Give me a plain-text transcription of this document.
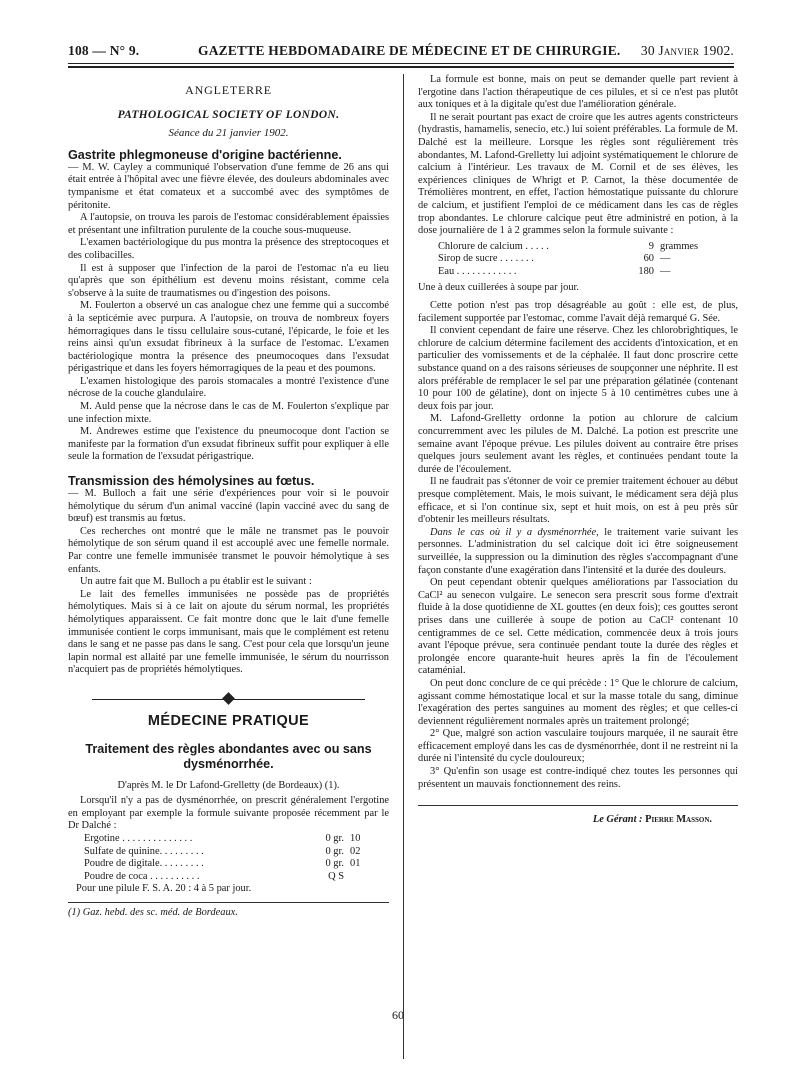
108 — N° 9.	GAZETTE HEBDOMADAIRE DE MÉDECINE ET DE CHIRURGIE. 30 Janvier 1902.
ANGLETERRE
PATHOLOGICAL SOCIETY OF LONDON.
Séance du 21 janvier 1902.
Gastrite phlegmoneuse d'origine bactérienne.

— M. W. Cayley a communiqué l'observation d'une femme de 26 ans qui était entrée à l'hôpital avec une fièvre élevée, des douleurs abdominales avec tympanisme et état comateux et a succombé avec des symptômes de péritonite.

A l'autopsie, on trouva les parois de l'estomac considérablement épaissies et présentant une infiltration purulente de la couche sous-muqueuse.

L'examen bactériologique du pus montra la présence des streptocoques et des colibacilles.

Il est à supposer que l'infection de la paroi de l'estomac n'a eu lieu qu'après que son épithélium est devenu moins résistant, comme cela s'observe à la suite de traumatismes ou d'ingestion des poisons.

M. Foulerton a observé un cas analogue chez une femme qui a succombé à la septicémie avec purpura. A l'autopsie, on trouva de nombreux foyers hémorragiques dans le tissu cellulaire sous-cutané, l'épicarde, le foie et les reins ainsi qu'un exsudat fibrineux à la surface de l'estomac. L'examen bactériologique montra la présence des pneumocoques dans l'exsudat périgastrique et dans les foyers hémorragiques de la peau et des poumons.

L'examen histologique des parois stomacales a montré l'existence d'une nécrose de la couche glandulaire.

M. Auld pense que la nécrose dans le cas de M. Foulerton s'explique par une infection mixte.

M. Andrewes estime que l'existence du pneumocoque dont l'action se manifeste par la formation d'un exsudat fibrineux suffit pour expliquer à elle seule la formation de l'exsudat périgastrique.

Transmission des hémolysines au fœtus.

— M. Bulloch a fait une série d'expériences pour voir si le pouvoir hémolytique du sérum d'un animal vacciné (lapin vacciné avec du sang de bœuf) est transmis au fœtus.

Ces recherches ont montré que le mâle ne transmet pas le pouvoir hémolytique de son sérum quand il est accouplé avec une femelle normale. Par contre une femelle immunisée transmet le pouvoir hémolytique à ses enfants.

Un autre fait que M. Bulloch a pu établir est le suivant :

Le lait des femelles immunisées ne possède pas de propriétés hémolytiques. Mais si à ce lait on ajoute du sérum normal, les propriétés hémolytiques apparaissent. Ce fait montre donc que le lait d'une femelle immunisée contient le corps immunisant, mais que le complément est retenu dans le sang et ne passe pas dans le sang. C'est pour cela que lorsqu'un jeune lapin normal est allaité par une femelle immunisée, le sérum du nourrisson n'acquiert pas de propriétés hémolytiques.

MÉDECINE PRATIQUE
Traitement des règles abondantes avec ou sans dysménorrhée.
D'après M. le Dr Lafond-Grelletty (de Bordeaux) (1).

Lorsqu'il n'y a pas de dysménorrhée, on prescrit généralement l'ergotine en employant par exemple la formule suivante proposée récemment par le Dr Dalché :

Ergotine . . . . . . . . . . . . . .	0 gr.	10
Sulfate de quinine. . . . . . . . .	0 gr.	02
Poudre de digitale. . . . . . . . .	0 gr.	01
Poudre de coca . . . . . . . . . .	Q S	

Pour une pilule F. S. A. 20 : 4 à 5 par jour.

(1) Gaz. hebd. des sc. méd. de Bordeaux.

La formule est bonne, mais on peut se demander quelle part revient à l'ergotine dans l'action thérapeutique de ces pilules, et si ce n'est pas plutôt aux toniques et à la digitale qu'est due l'amélioration générale.

Il ne serait pourtant pas exact de croire que les autres agents constricteurs (hydrastis, hamamelis, senecio, etc.) lui soient préférables. La formule de M. Dalché est la meilleure. Lorsque les règles sont régulièrement très abondantes, M. Lafond-Grelletty lui adjoint systématiquement le chlorure de calcium à l'intérieur. Les travaux de M. Cornil et de ses élèves, les expériences cliniques de Whrigt et P. Carnot, la thèse documentée de Trémolières montrent, en effet, l'action hémostatique puissante du chlorure de calcium, et justifient l'emploi de ce médicament dans les cas de règles trop abondantes. Le chlorure calcique peut être administré en potion, à la dose journalière de 1 à 2 grammes selon la formule suivante :

Chlorure de calcium . . . . .	9	grammes
Sirop de sucre . . . . . . .	60	—
Eau . . . . . . . . . . . .	180	—

Une à deux cuillerées à soupe par jour.

Cette potion n'est pas trop désagréable au goût : elle est, de plus, facilement supportée par l'estomac, comme l'avait déjà remarqué G. Sée.

Il convient cependant de faire une réserve. Chez les chlorobrightiques, le chlorure de calcium détermine facilement des accidents d'intoxication, et en particulier des vomissements et de la céphalée. Il faut donc proscrire cette substance quand on a des raisons sérieuses de soupçonner une néphrite. Il est alors préférable de remplacer le sel par une préparation gélatinée (contenant 10 pour 100 de gélatine), dont on injecte 5 à 10 centimètres cubes une à deux fois par jour.

M. Lafond-Grelletty ordonne la potion au chlorure de calcium concurremment avec les pilules de M. Dalché. La potion est prescrite une semaine avant l'époque prévue. Les pilules doivent au contraire être prises quelques jours seulement avant les règles, et continuées pendant toute la durée de l'écoulement.

Il ne faudrait pas s'étonner de voir ce premier traitement échouer au début presque complètement. Mais, le mois suivant, le médicament sera déjà plus efficace, et si l'on continue six, sept et huit mois, on est à peu près sûr d'obtenir les meilleurs résultats.

Dans le cas où il y a dysménorrhée, le traitement varie suivant les personnes. L'administration du sel calcique doit ici être soigneusement surveillée, la suppression ou la diminution des règles s'accompagnant d'une façon constante d'une exagération dans l'intensité et la durée des douleurs.

On peut cependant obtenir quelques améliorations par l'association du CaCl² au senecon vulgaire. Le senecon sera prescrit sous forme d'extrait fluide à la dose quotidienne de XL gouttes (en deux fois); ces gouttes seront prises dans une cuillerée à soupe de potion au CaCl² contenant 10 centigrammes de ce sel. Cette médication, commencée deux à trois jours avant l'époque prévue, sera continuée pendant toute la durée des règles et prolongée encore quarante-huit heures après la fin de l'écoulement cataménial.

On peut donc conclure de ce qui précède : 1° Que le chlorure de calcium, agissant comme hémostatique local et sur la masse totale du sang, diminue l'exagération des pertes sanguines au moment des règles; et que celles-ci deviennent régulièrement normales après un traitement prolongé;

2° Que, malgré son action vasculaire toujours marquée, il ne saurait être efficacement employé dans les cas de dysménorrhée, dont il ne restreint ni la durée ni l'intensité du cycle douloureux;

3° Qu'enfin son usage est contre-indiqué chez toutes les personnes qui présentent un mauvais fonctionnement des reins.

Le Gérant : Pierre Masson.
60
